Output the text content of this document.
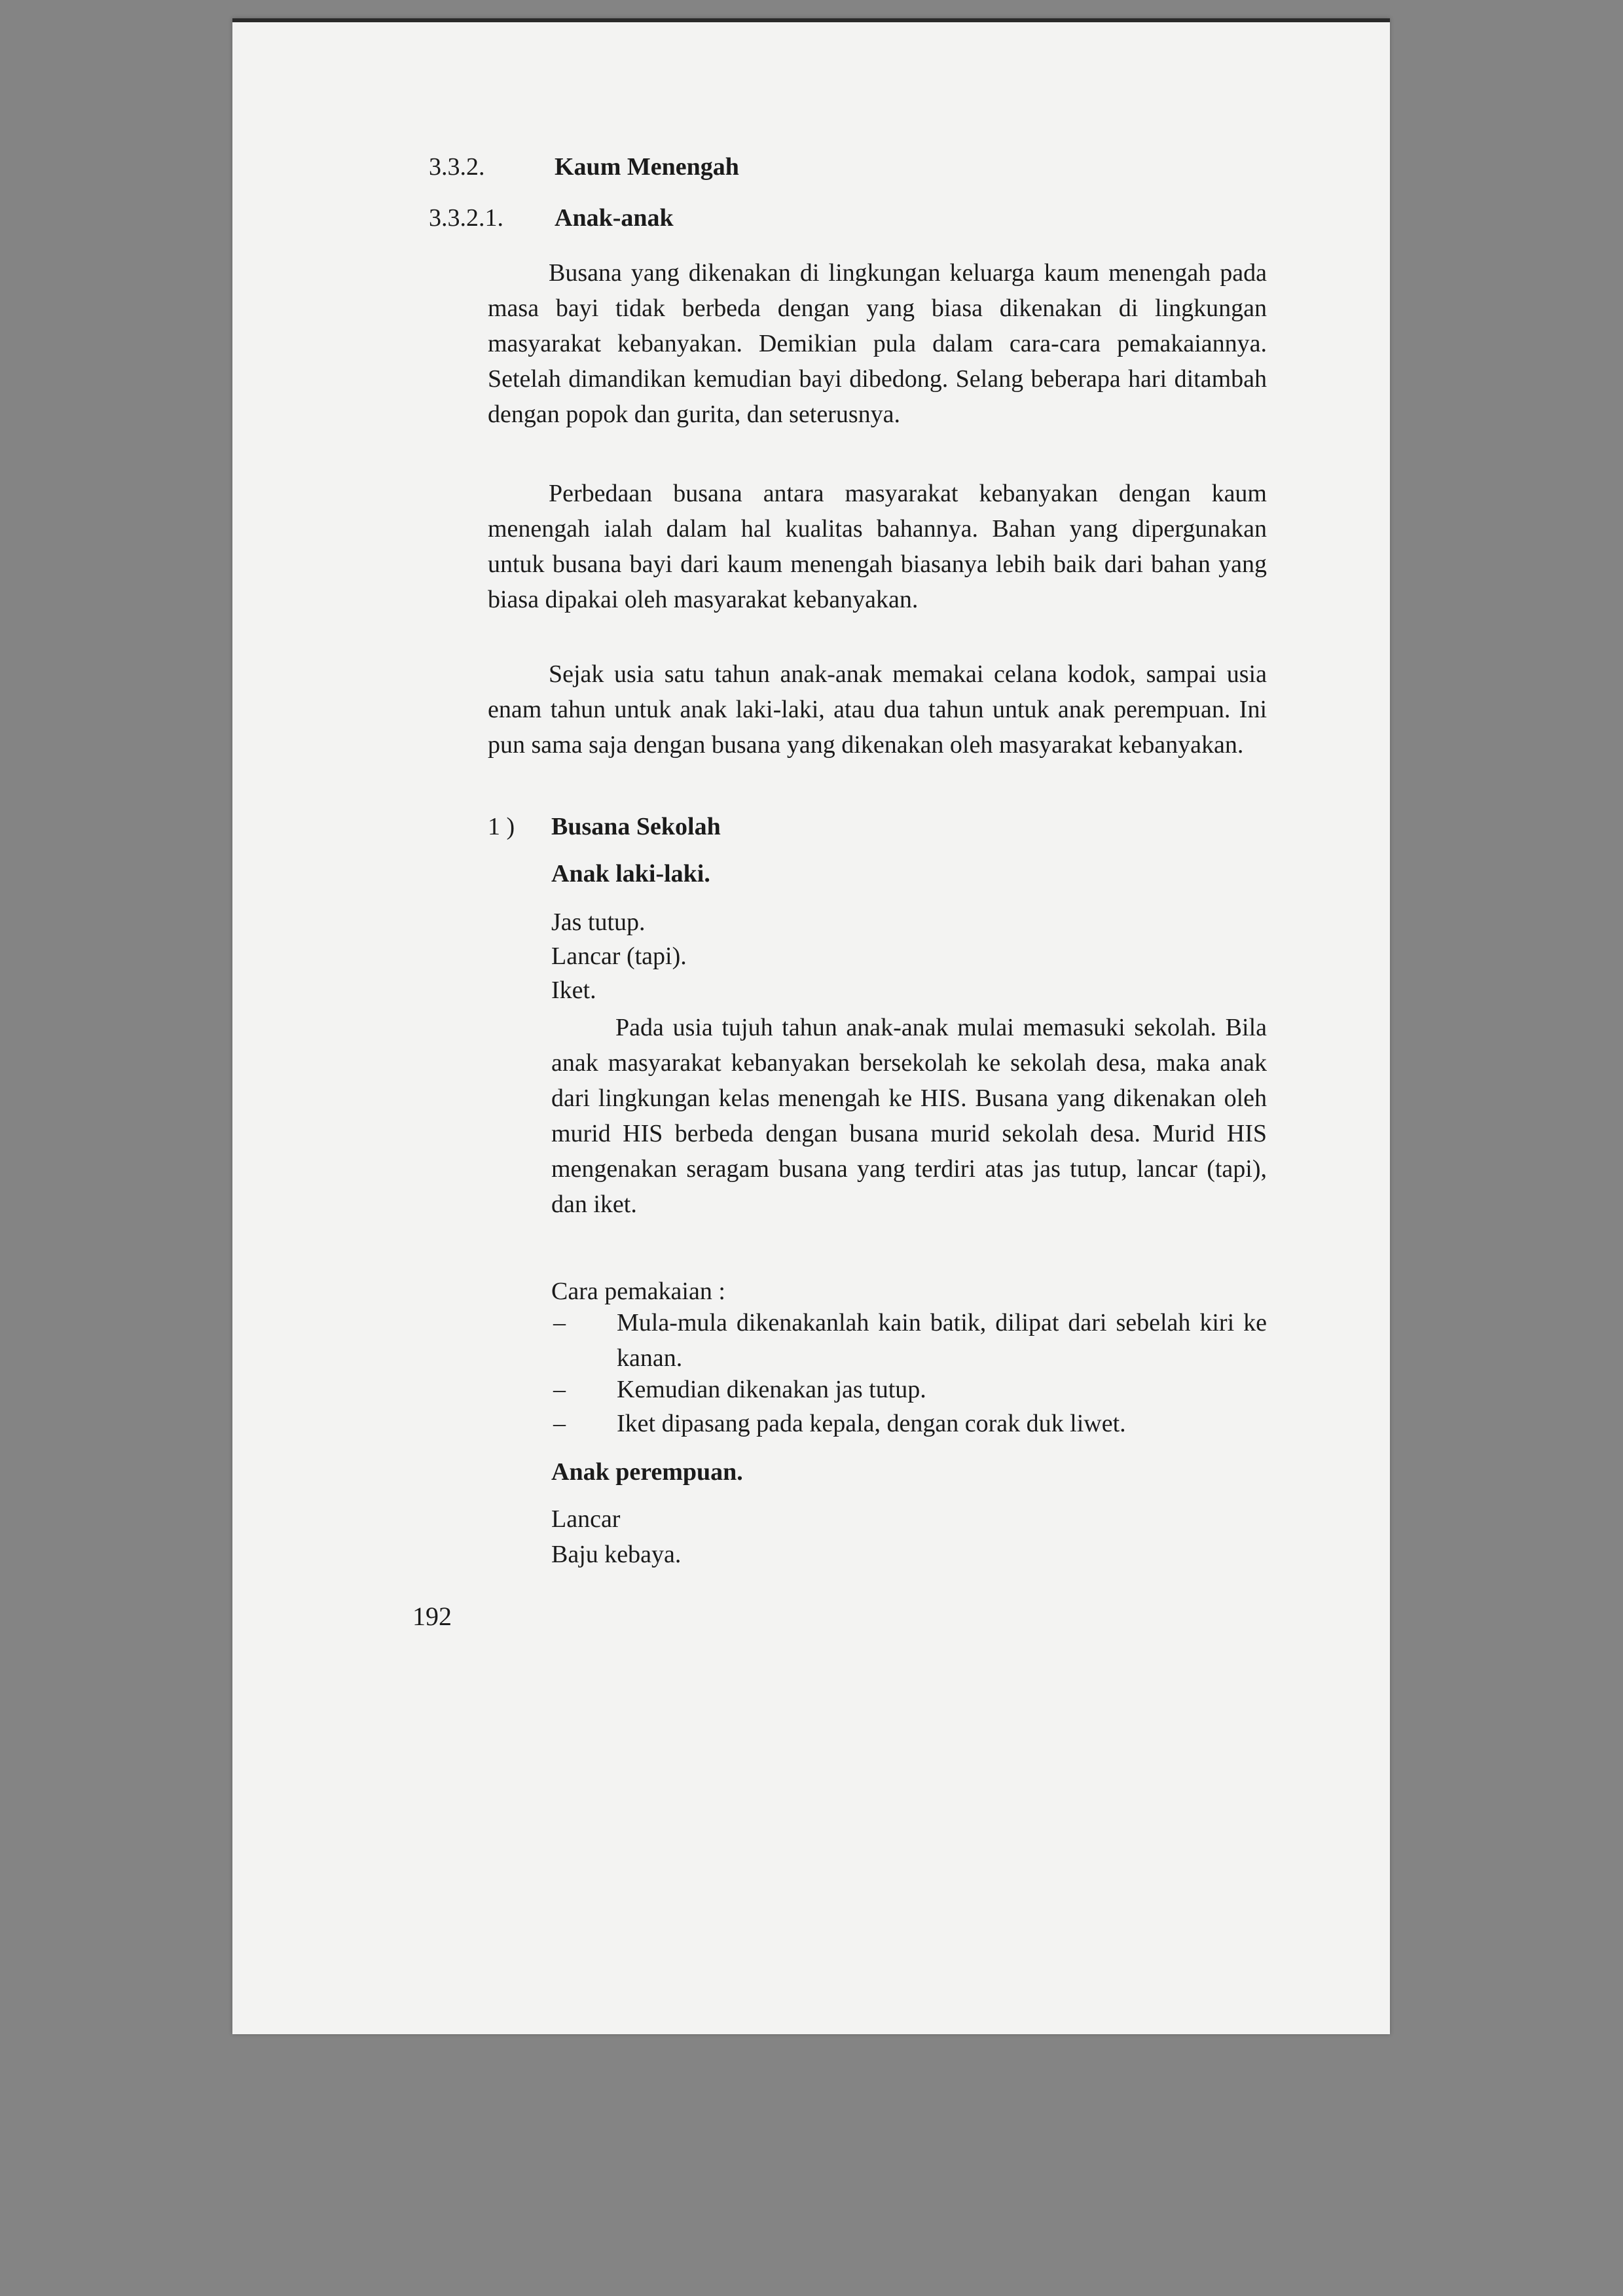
3.3.2.	Kaum Menengah
3.3.2.1. Anak-anak
Busana yang dikenakan di lingkungan keluarga kaum menengah pada masa bayi tidak berbeda dengan yang biasa dikenakan di lingkungan masyarakat kebanyakan. Demikian pula dalam cara-cara pemakaiannya. Setelah dimandikan kemudian bayi dibedong. Selang beberapa hari ditambah dengan popok dan gurita, dan seterusnya.
Perbedaan busana antara masyarakat kebanyakan dengan kaum menengah ialah dalam hal kualitas bahannya. Bahan yang dipergunakan untuk busana bayi dari kaum menengah biasanya lebih baik dari bahan yang biasa dipakai oleh masyarakat kebanyakan.
Sejak usia satu tahun anak-anak memakai celana kodok, sampai usia enam tahun untuk anak laki-laki, atau dua tahun untuk anak perempuan. Ini pun sama saja dengan busana yang dikenakan oleh masyarakat kebanyakan.
1 ) Busana Sekolah
Anak laki-laki.
Jas tutup.
Lancar (tapi).
Iket.
Pada usia tujuh tahun anak-anak mulai memasuki sekolah. Bila anak masyarakat kebanyakan bersekolah ke sekolah desa, maka anak dari lingkungan kelas menengah ke HIS. Busana yang dikenakan oleh murid HIS berbeda dengan busana murid sekolah desa. Murid HIS mengenakan seragam busana yang terdiri atas jas tutup, lancar (tapi), dan iket.
Cara pemakaian :
– Mula-mula dikenakanlah kain batik, dilipat dari sebelah kiri ke kanan.
– Kemudian dikenakan jas tutup.
– Iket dipasang pada kepala, dengan corak duk liwet.
Anak perempuan.
Lancar
Baju kebaya.
192
